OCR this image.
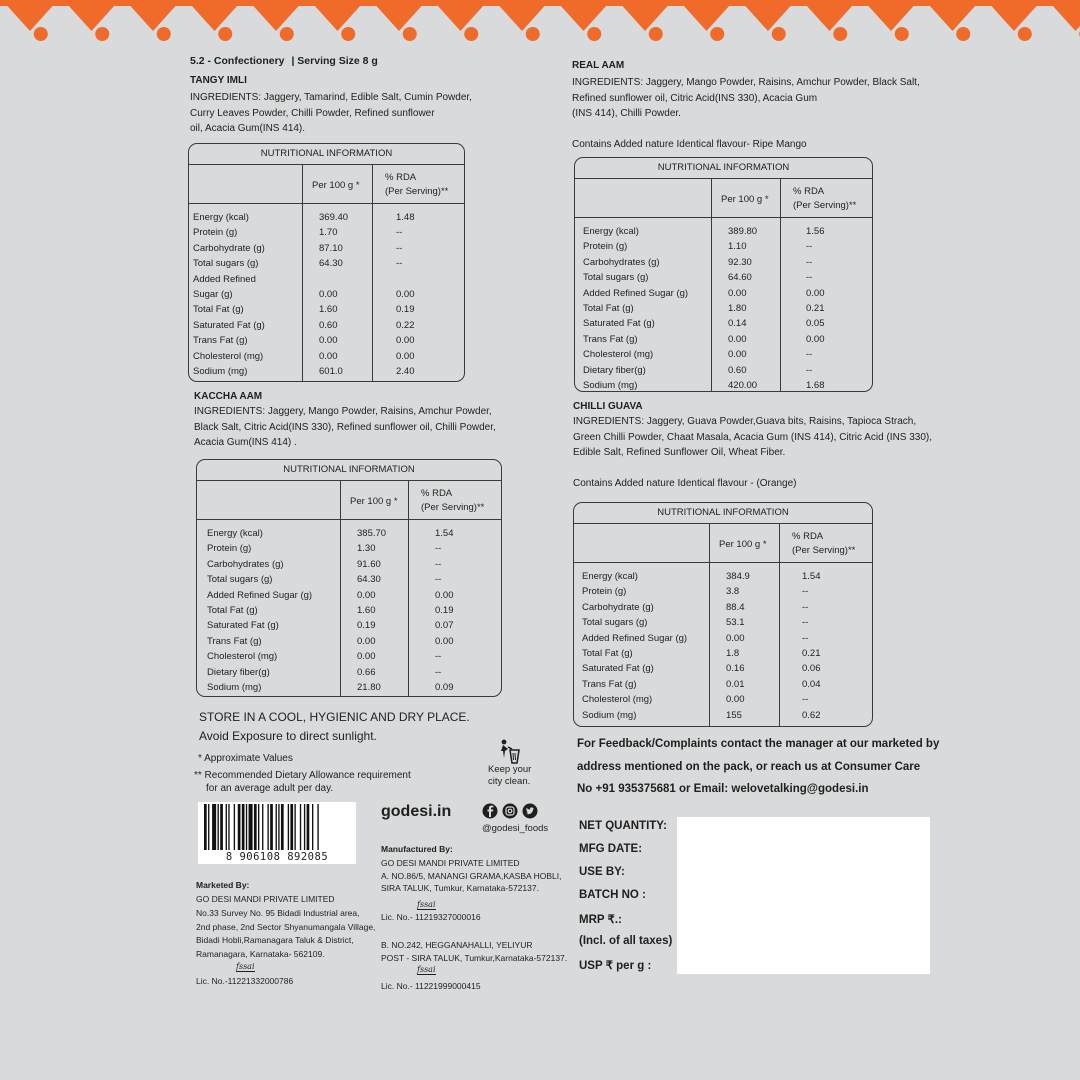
5.2 - Confectionery | Serving Size 8 g
TANGY IMLI
INGREDIENTS: Jaggery, Tamarind, Edible Salt, Cumin Powder,
Curry Leaves Powder, Chilli Powder, Refined sunflower
oil, Acacia Gum(INS 414).
NUTRITIONAL INFORMATION
Per 100 g *
% RDA
(Per Serving)**
Energy (kcal)	369.40	1.48
Protein (g)	1.70	--
Carbohydrate (g)	87.10	--
Total sugars (g)	64.30	--
Added Refined
Sugar (g)	0.00	0.00
Total Fat (g)	1.60	0.19
Saturated Fat (g)	0.60	0.22
Trans Fat (g)	0.00	0.00
Cholesterol (mg)	0.00	0.00
Sodium (mg)	601.0	2.40
KACCHA AAM
INGREDIENTS: Jaggery, Mango Powder, Raisins, Amchur Powder,
Black Salt, Citric Acid(INS 330), Refined sunflower oil, Chilli Powder,
Acacia Gum(INS 414) .
NUTRITIONAL INFORMATION
Per 100 g *
% RDA
(Per Serving)**
Energy (kcal)	385.70	1.54
Protein (g)	1.30	--
Carbohydrates (g)	91.60	--
Total sugars (g)	64.30	--
Added Refined Sugar (g)	0.00	0.00
Total Fat (g)	1.60	0.19
Saturated Fat (g)	0.19	0.07
Trans Fat (g)	0.00	0.00
Cholesterol (mg)	0.00	--
Dietary fiber(g)	0.66	--
Sodium (mg)	21.80	0.09
REAL AAM
INGREDIENTS: Jaggery, Mango Powder, Raisins, Amchur Powder, Black Salt,
Refined sunflower oil, Citric Acid(INS 330), Acacia Gum
(INS 414), Chilli Powder.
Contains Added nature Identical flavour- Ripe Mango
NUTRITIONAL INFORMATION
Per 100 g *
% RDA
(Per Serving)**
Energy (kcal)	389.80	1.56
Protein (g)	1.10	--
Carbohydrates (g)	92.30	--
Total sugars (g)	64.60	--
Added Refined Sugar (g)	0.00	0.00
Total Fat (g)	1.80	0.21
Saturated Fat (g)	0.14	0.05
Trans Fat (g)	0.00	0.00
Cholesterol (mg)	0.00	--
Dietary fiber(g)	0.60	--
Sodium (mg)	420.00	1.68
CHILLI GUAVA
INGREDIENTS: Jaggery, Guava Powder,Guava bits, Raisins, Tapioca Strach,
Green Chilli Powder, Chaat Masala, Acacia Gum (INS 414), Citric Acid (INS 330),
Edible Salt, Refined Sunflower Oil, Wheat Fiber.
Contains Added nature Identical flavour - (Orange)
NUTRITIONAL INFORMATION
Per 100 g *
% RDA
(Per Serving)**
Energy (kcal)	384.9	1.54
Protein (g)	3.8	--
Carbohydrate (g)	88.4	--
Total sugars (g)	53.1	--
Added Refined Sugar (g)	0.00	--
Total Fat (g)	1.8	0.21
Saturated Fat (g)	0.16	0.06
Trans Fat (g)	0.01	0.04
Cholesterol (mg)	0.00	--
Sodium (mg)	155	0.62
STORE IN A COOL, HYGIENIC AND DRY PLACE.
Avoid Exposure to direct sunlight.
* Approximate Values
** Recommended Dietary Allowance requirement
for an average adult per day.
Keep your
city clean.
8 906108 892085
godesi.in
@godesi_foods
Marketed By:
GO DESI MANDI PRIVATE LIMITED
No.33 Survey No. 95 Bidadi Industrial area,
2nd phase, 2nd Sector Shyanumangala Village,
Bidadi Hobli,Ramanagara Taluk & District,
Ramanagara, Karnataka- 562109.
fssai
Lic. No.-11221332000786
Manufactured By:
GO DESI MANDI PRIVATE LIMITED
A. NO.86/5, MANANGI GRAMA,KASBA HOBLI,
SIRA TALUK, Tumkur, Karnataka-572137.
fssai
Lic. No.- 11219327000016
B. NO.242, HEGGANAHALLI, YELIYUR
POST - SIRA TALUK, Tumkur,Karnataka-572137.
fssai
Lic. No.- 11221999000415
For Feedback/Complaints contact the manager at our marketed by
address mentioned on the pack, or reach us at Consumer Care
No +91 935375681 or Email: welovetalking@godesi.in
NET QUANTITY:
MFG DATE:
USE BY:
BATCH NO :
MRP ₹.:
(Incl. of all taxes)
USP ₹ per g :
